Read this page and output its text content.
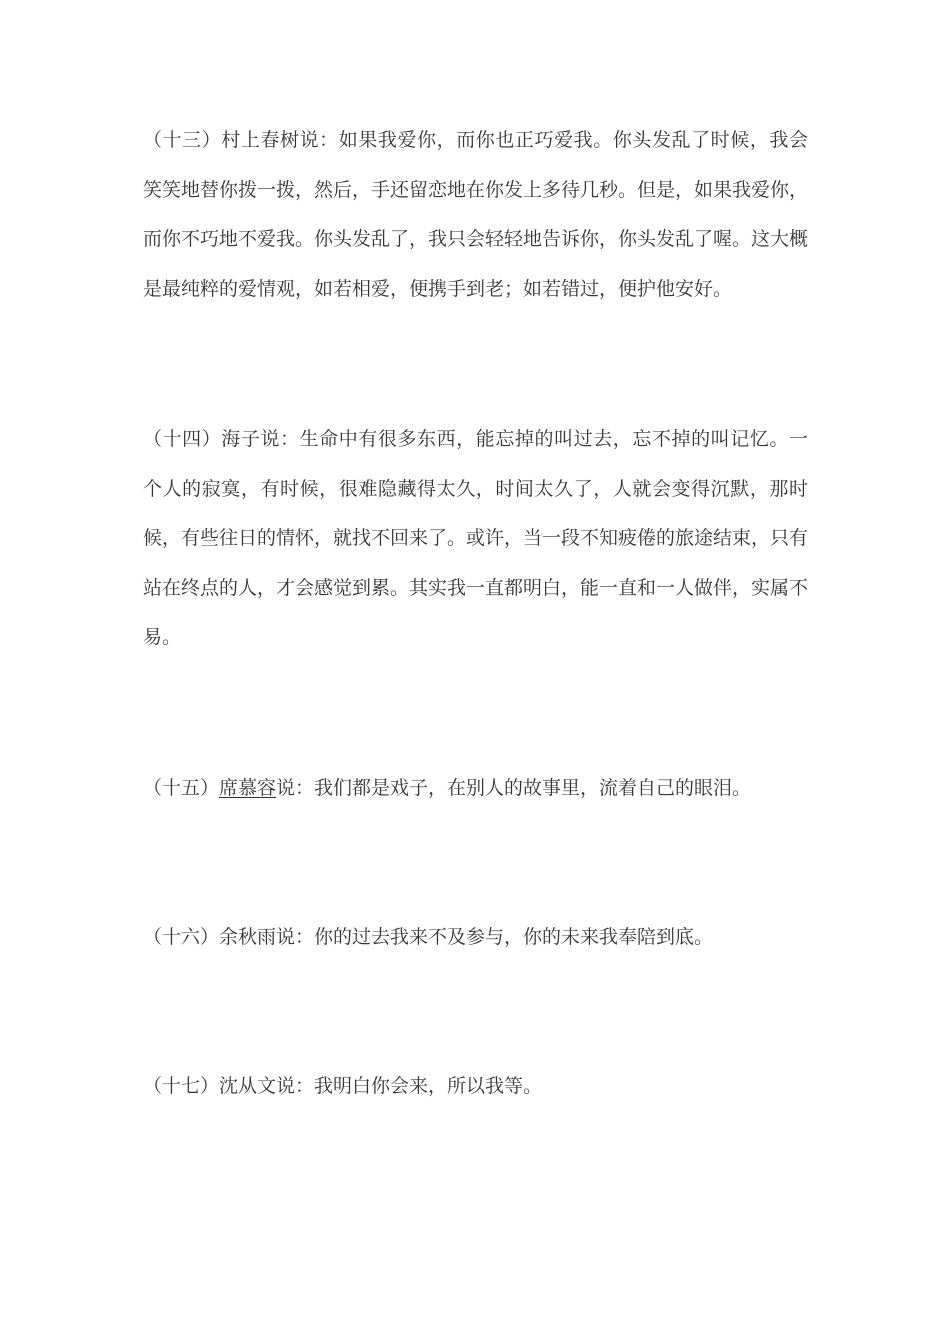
（十三）村上春树说：如果我爱你，而你也正巧爱我。你头发乱了时候，我会笑笑地替你拨一拨，然后，手还留恋地在你发上多待几秒。但是，如果我爱你，而你不巧地不爱我。你头发乱了，我只会轻轻地告诉你，你头发乱了喔。这大概是最纯粹的爱情观，如若相爱，便携手到老；如若错过，便护他安好。

（十四）海子说：生命中有很多东西，能忘掉的叫过去，忘不掉的叫记忆。一个人的寂寞，有时候，很难隐藏得太久，时间太久了，人就会变得沉默，那时候，有些往日的情怀，就找不回来了。或许，当一段不知疲倦的旅途结束，只有站在终点的人，才会感觉到累。其实我一直都明白，能一直和一人做伴，实属不易。

（十五）席慕容说：我们都是戏子，在别人的故事里，流着自己的眼泪。

（十六）余秋雨说：你的过去我来不及参与，你的未来我奉陪到底。

（十七）沈从文说：我明白你会来，所以我等。
